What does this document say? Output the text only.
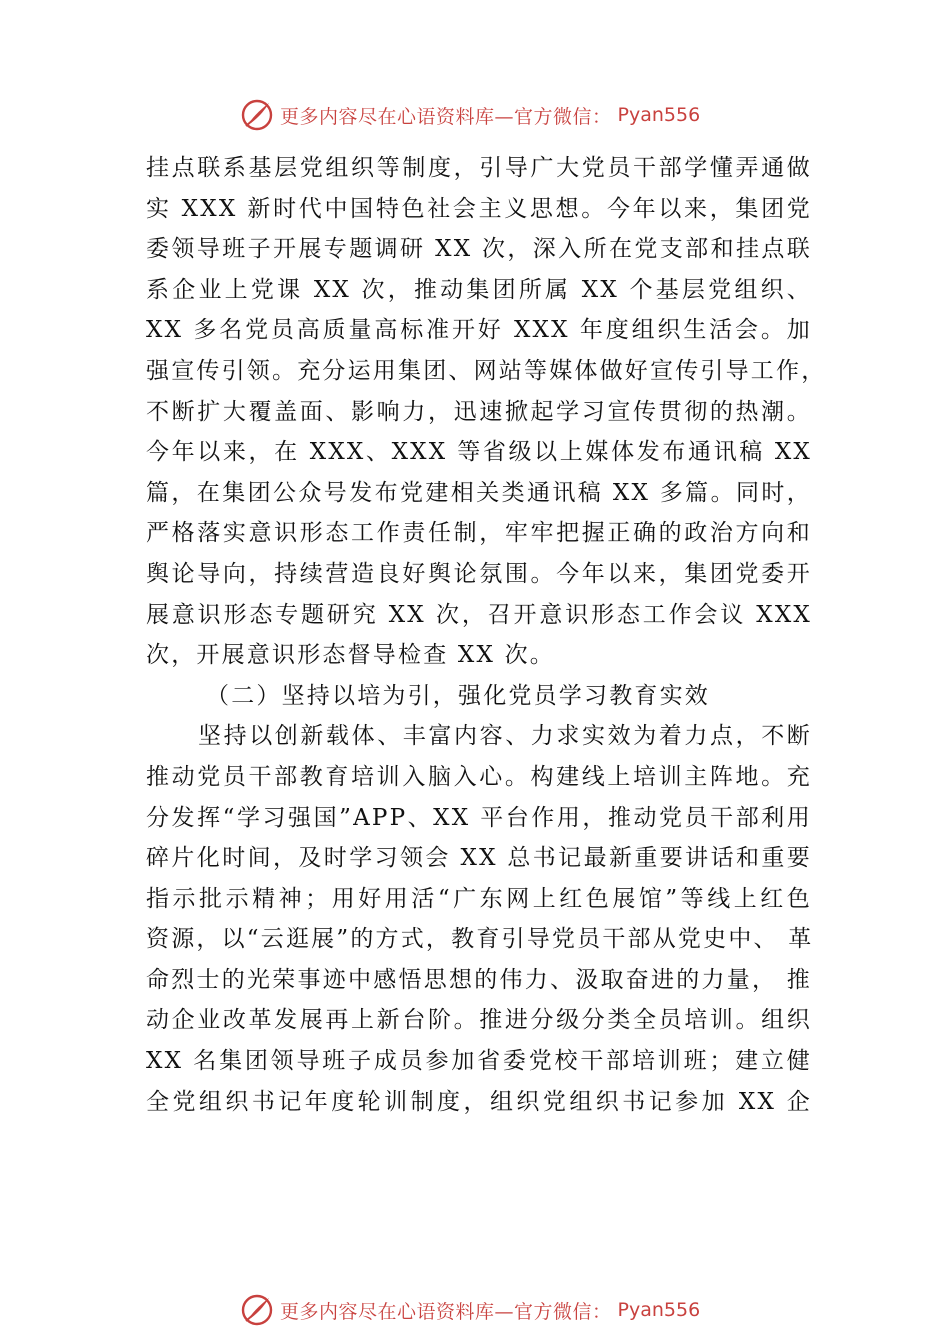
更多内容尽在心语资料库—官方微信： Pyan556
挂点联系基层党组织等制度，引导广大党员干部学懂弄通做
实 XXX 新时代中国特色社会主义思想。今年以来，集团党
委领导班子开展专题调研 XX 次，深入所在党支部和挂点联
系企业上党课 XX 次，推动集团所属 XX 个基层党组织、
XX 多名党员高质量高标准开好 XXX 年度组织生活会。加
强宣传引领。充分运用集团、网站等媒体做好宣传引导工作，
不断扩大覆盖面、影响力，迅速掀起学习宣传贯彻的热潮。
今年以来，在 XXX、XXX 等省级以上媒体发布通讯稿 XX
篇，在集团公众号发布党建相关类通讯稿 XX 多篇。同时，
严格落实意识形态工作责任制，牢牢把握正确的政治方向和
舆论导向，持续营造良好舆论氛围。今年以来，集团党委开
展意识形态专题研究 XX 次，召开意识形态工作会议 XXX
次，开展意识形态督导检查 XX 次。
（二）坚持以培为引，强化党员学习教育实效
坚持以创新载体、丰富内容、力求实效为着力点，不断
推动党员干部教育培训入脑入心。构建线上培训主阵地。充
分发挥“学习强国”APP、XX 平台作用，推动党员干部利用
碎片化时间，及时学习领会 XX 总书记最新重要讲话和重要
指示批示精神；用好用活“广东网上红色展馆”等线上红色
资源，以“云逛展”的方式，教育引导党员干部从党史中、 革
命烈士的光荣事迹中感悟思想的伟力、汲取奋进的力量， 推
动企业改革发展再上新台阶。推进分级分类全员培训。组织
XX 名集团领导班子成员参加省委党校干部培训班；建立健
全党组织书记年度轮训制度，组织党组织书记参加 XX 企
更多内容尽在心语资料库—官方微信： Pyan556
